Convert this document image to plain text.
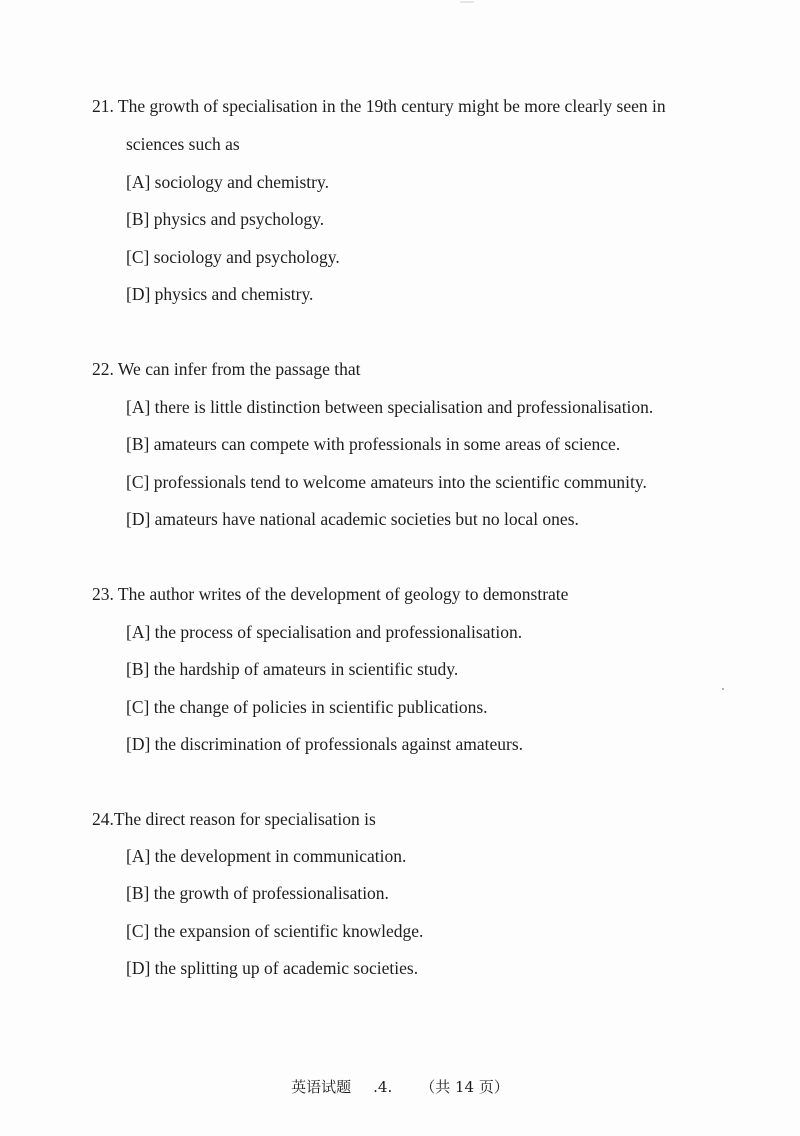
21. The growth of specialisation in the 19th century might be more clearly seen in
sciences such as
[A] sociology and chemistry.
[B] physics and psychology.
[C] sociology and psychology.
[D] physics and chemistry.
22. We can infer from the passage that
[A] there is little distinction between specialisation and professionalisation.
[B] amateurs can compete with professionals in some areas of science.
[C] professionals tend to welcome amateurs into the scientific community.
[D] amateurs have national academic societies but no local ones.
23. The author writes of the development of geology to demonstrate
[A] the process of specialisation and professionalisation.
[B] the hardship of amateurs in scientific study.
[C] the change of policies in scientific publications.
[D] the discrimination of professionals against amateurs.
24.The direct reason for specialisation is
[A] the development in communication.
[B] the growth of professionalisation.
[C] the expansion of scientific knowledge.
[D] the splitting up of academic societies.
英语试题 .4. （共 14 页）
